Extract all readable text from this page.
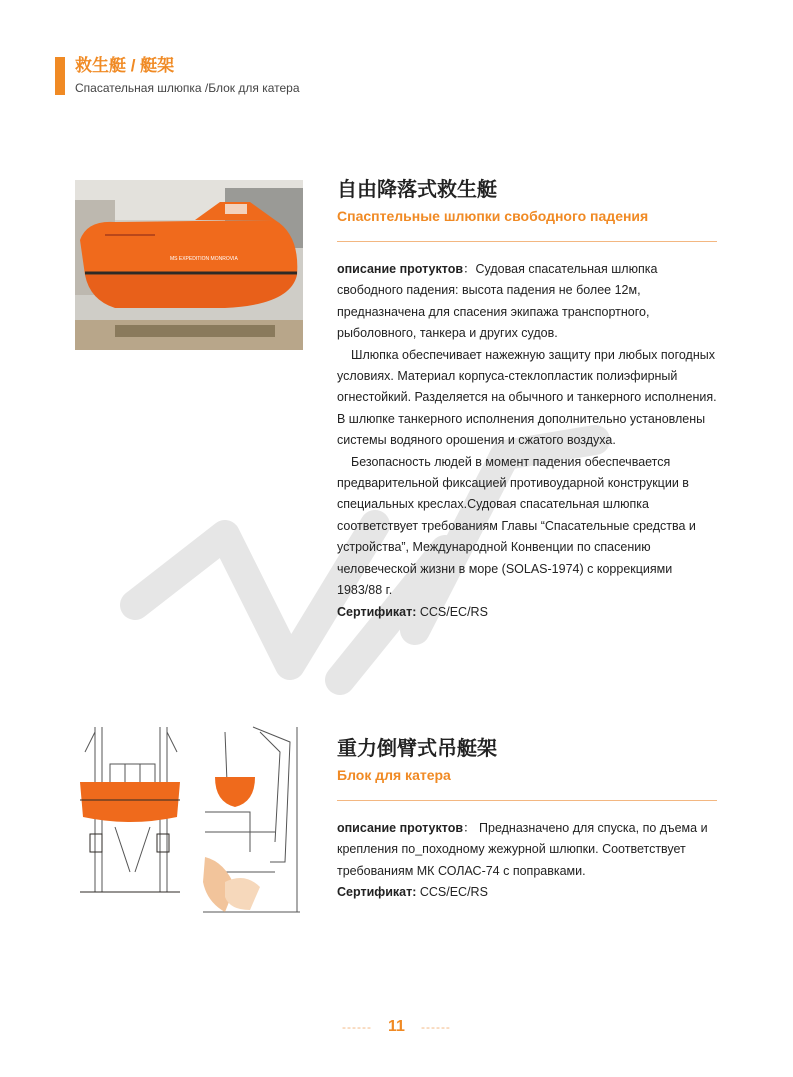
救生艇 / 艇架
Спасательная шлюпка /Блок для катера
MS EXPEDITION MONROVIA
自由降落式救生艇
Спаcптельные шлюпки свободного падения

описание протуктов：Судовая спасательная шлюпка свободного падения: высота падения не более 12м, предназначена для спасения экипажа транспортного, рыболовного, танкера и других судов.

Шлюпка обеспечивает нажежную защиту при любых погодных условиях. Материал корпуса-стеклопластик полиэфирный огнестойкий. Разделяется на обычного и танкерного исполнения. В шлюпке танкерного исполнения дополнительно установлены системы водяного орошения и сжатого воздуха.

Безопасность людей в момент падения обеспечвается предварительной фиксацией противоударной конструкции в специальных креслах.Судовая спасательная шлюпка соответствует требованиям Главы “Спасательные средства и устройства”, Международной Конвенции по спасению человеческой жизни в море (SOLAS-1974) с коррекциями 1983/88 г.

Сертификат: CCS/EC/RS

重力倒臂式吊艇架
Блок для катера

описание протуктов： Предназначено для спуска, по дъема и крепления по_походному жежурной шлюпки. Соответствует требованиям МК СОЛАС-74 с поправками.

Сертификат: CCS/EC/RS

------ 11 ------
